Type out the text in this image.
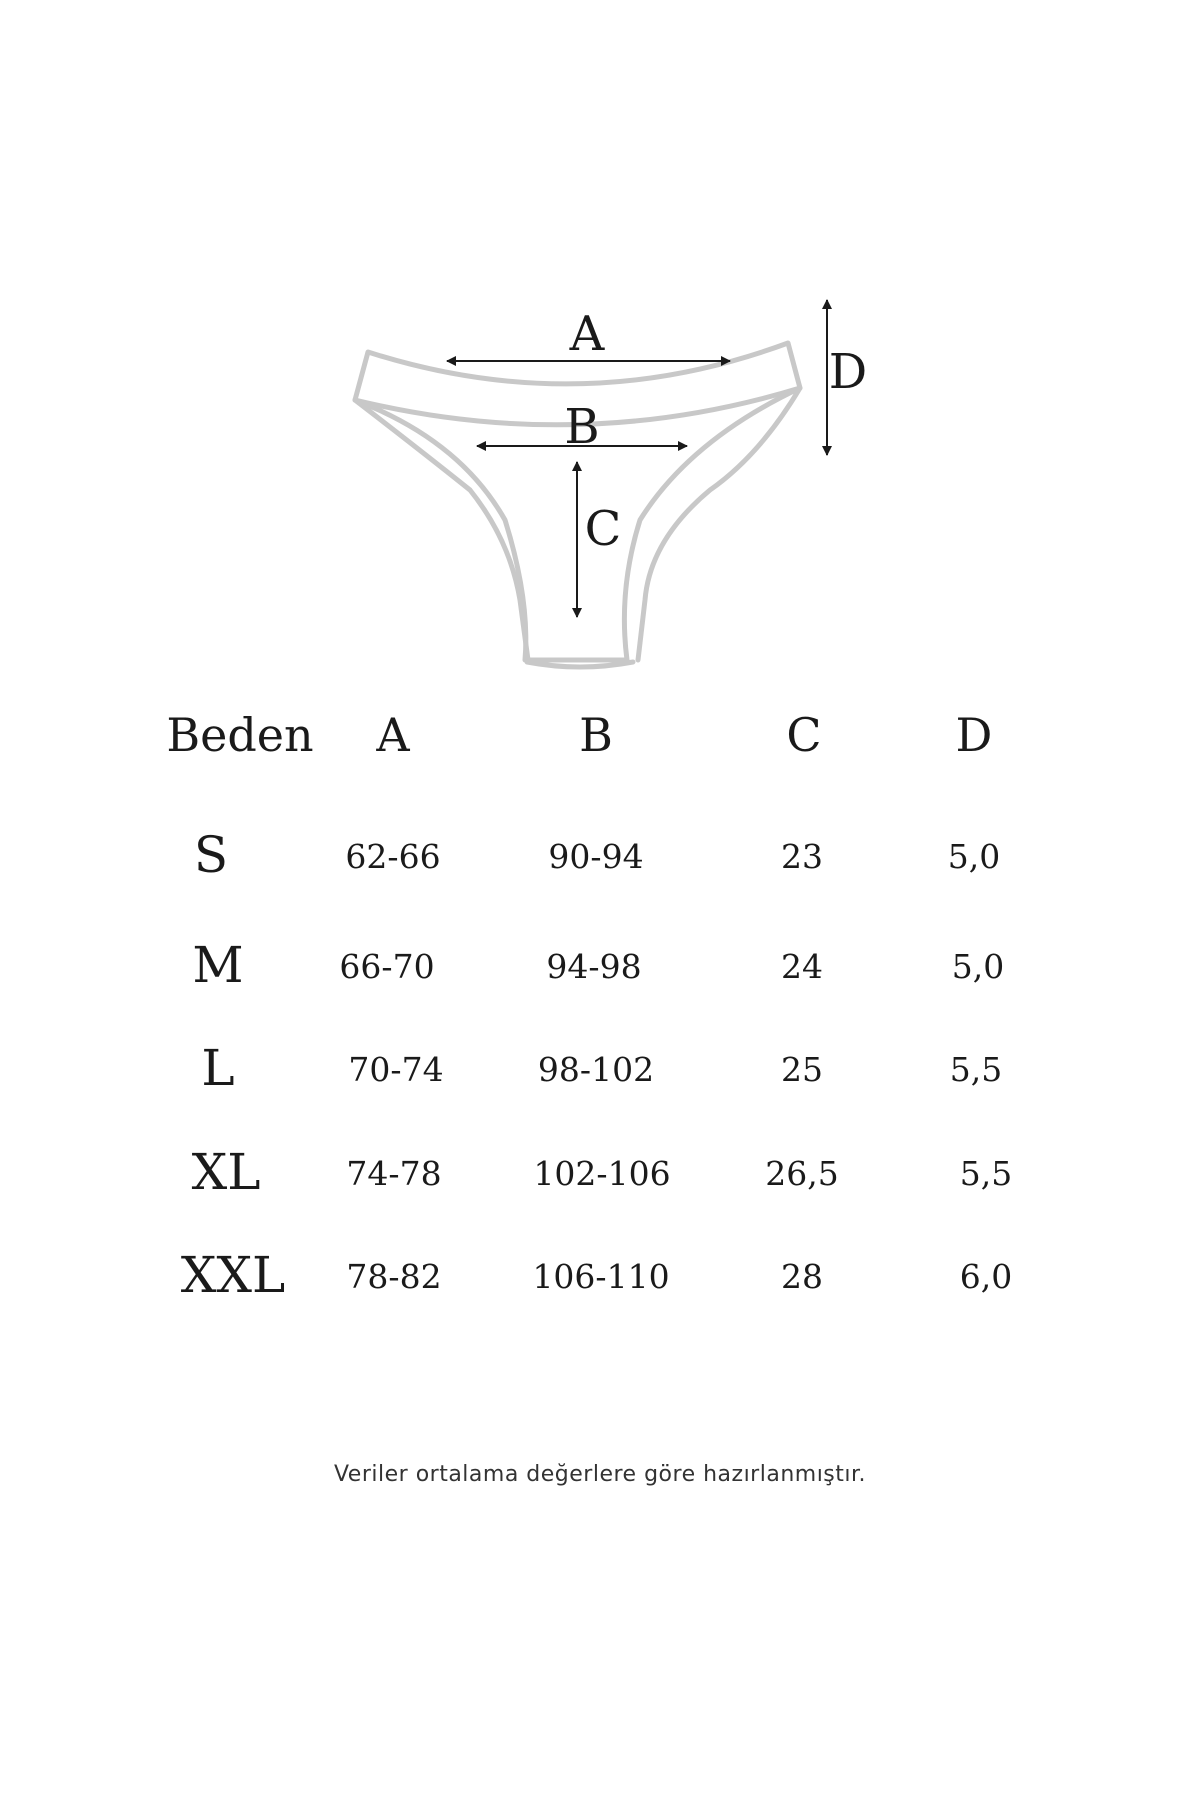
A
B
C
D
Beden A	B	C	D
S	62-66	90-94	23	5,0
M	66-70	94-98	24	5,0
L	70-74	98-102	25	5,5
XL	74-78	102-106	26,5	5,5
XXL 78-82	106-110	28	6,0
Veriler ortalama değerlere göre hazırlanmıştır.
